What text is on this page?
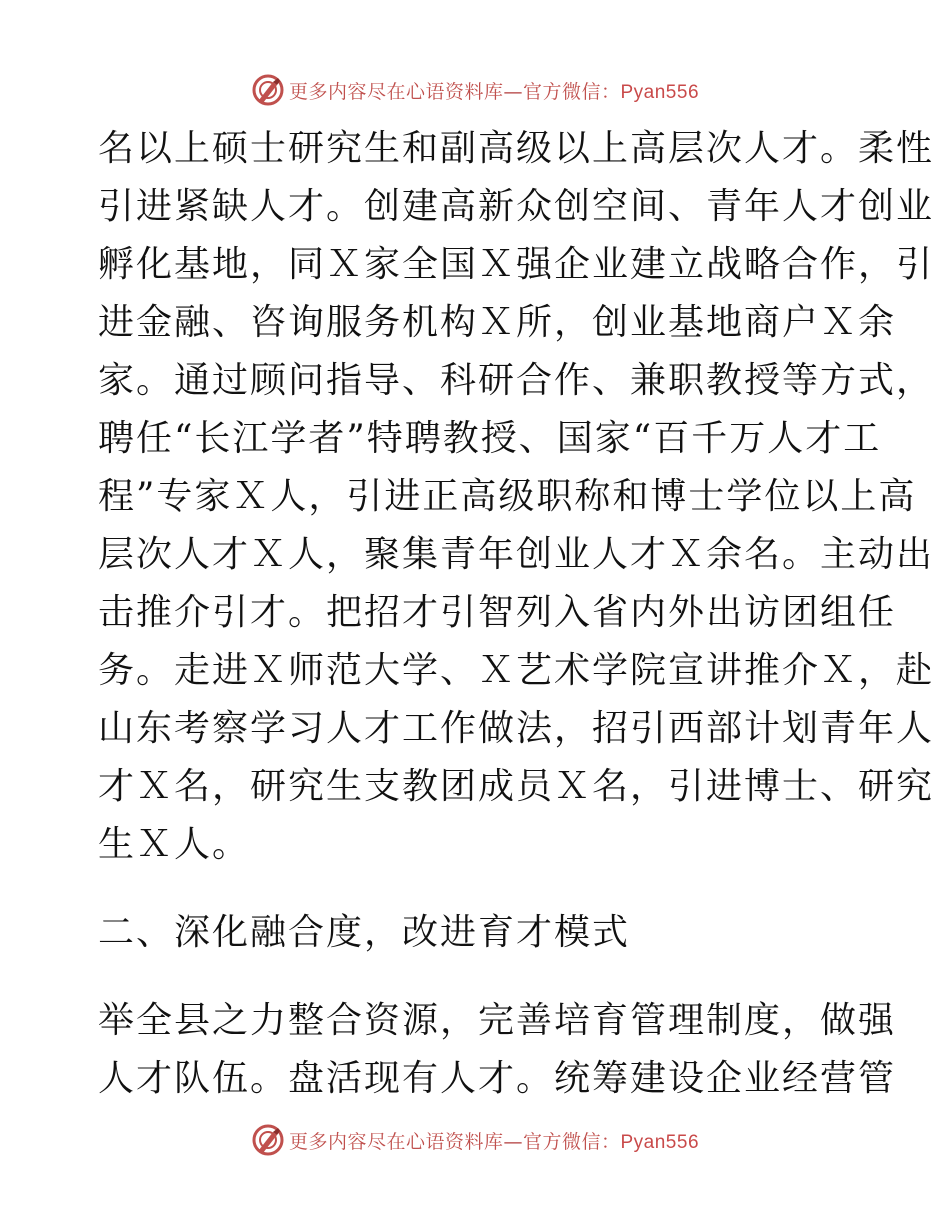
更多内容尽在心语资料库—官方微信：Pyan556
名以上硕士研究生和副高级以上高层次人才。柔性
引进紧缺人才。创建高新众创空间、青年人才创业
孵化基地，同Ｘ家全国Ｘ强企业建立战略合作，引
进金融、咨询服务机构Ｘ所，创业基地商户Ｘ余
家。通过顾问指导、科研合作、兼职教授等方式，
聘任“长江学者”特聘教授、国家“百千万人才工
程”专家Ｘ人，引进正高级职称和博士学位以上高
层次人才Ｘ人，聚集青年创业人才Ｘ余名。主动出
击推介引才。把招才引智列入省内外出访团组任
务。走进Ｘ师范大学、Ｘ艺术学院宣讲推介Ｘ，赴
山东考察学习人才工作做法，招引西部计划青年人
才Ｘ名，研究生支教团成员Ｘ名，引进博士、研究
生Ｘ人。
二、深化融合度，改进育才模式
举全县之力整合资源，完善培育管理制度，做强
人才队伍。盘活现有人才。统筹建设企业经营管
更多内容尽在心语资料库—官方微信：Pyan556
